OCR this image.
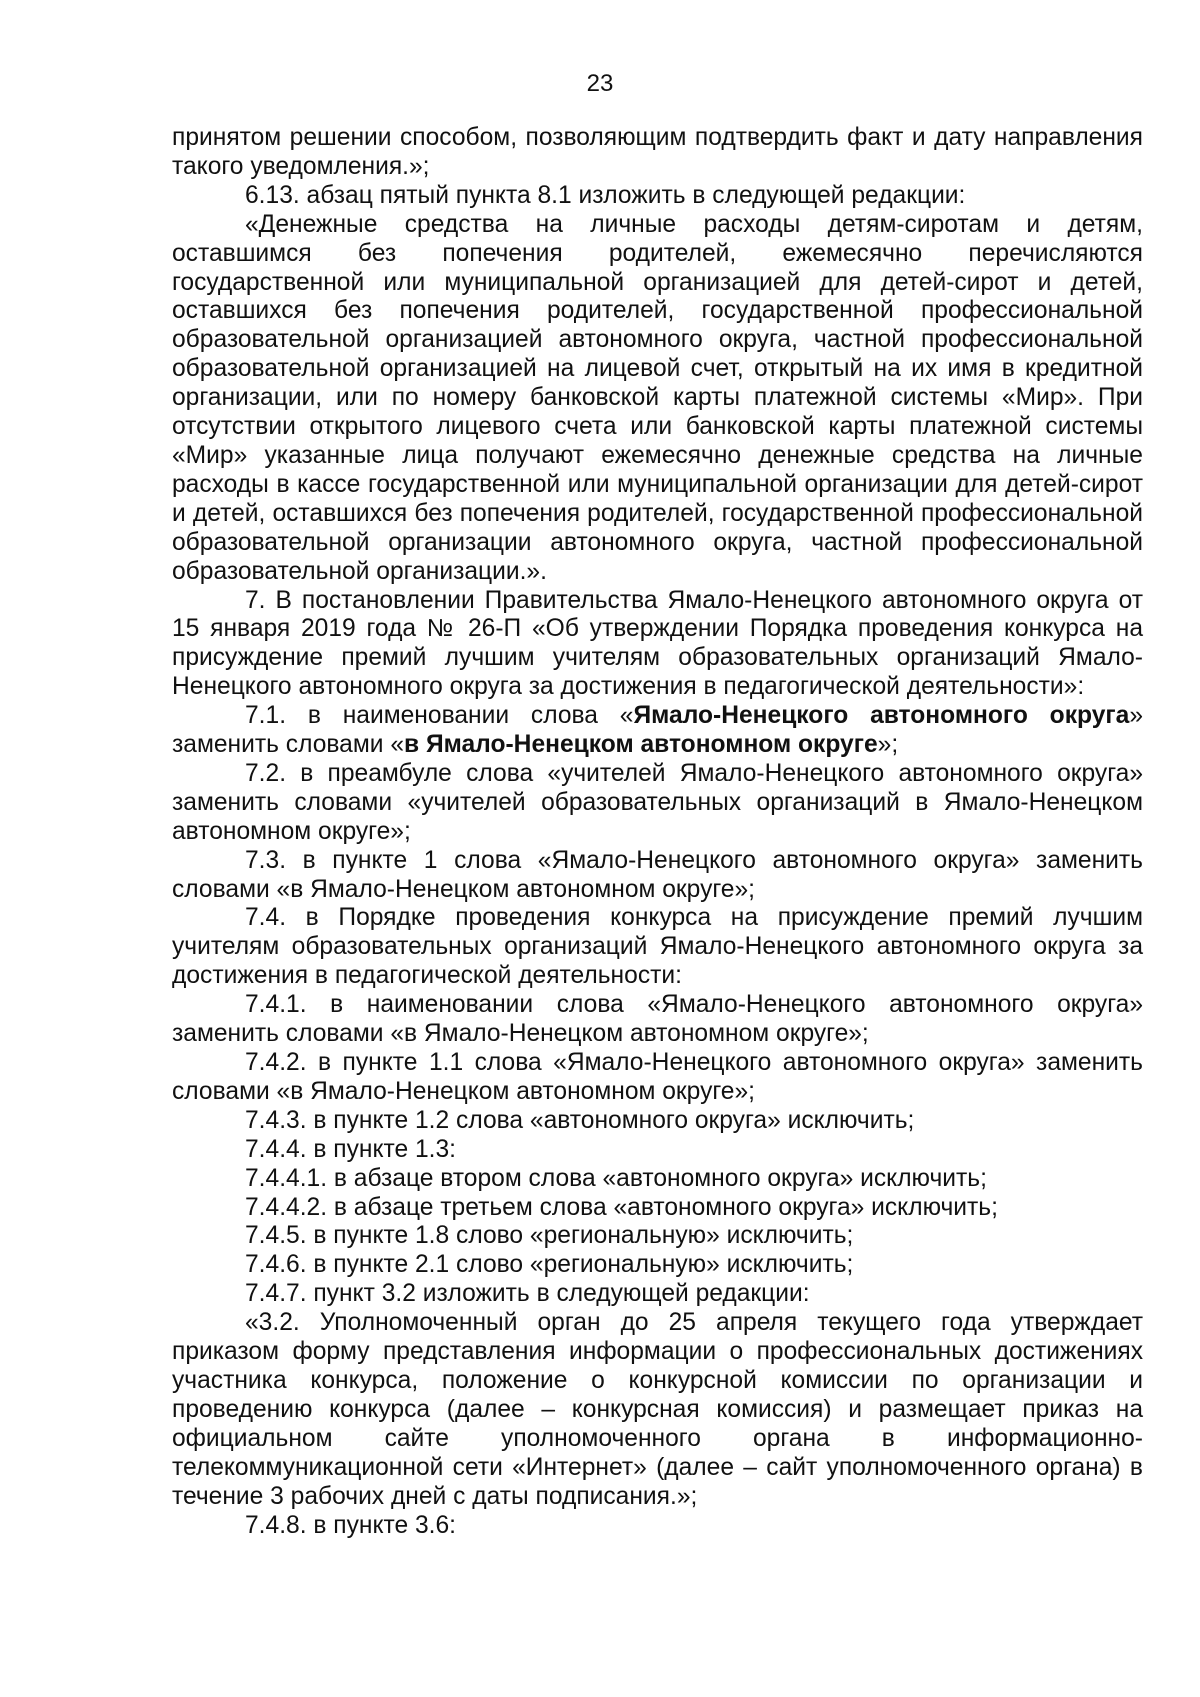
23

принятом решении способом, позволяющим подтвердить факт и дату направления такого уведомления.»;

6.13. абзац пятый пункта 8.1 изложить в следующей редакции:

«Денежные средства на личные расходы детям-сиротам и детям, оставшимся без попечения родителей, ежемесячно перечисляются государственной или муниципальной организацией для детей-сирот и детей, оставшихся без попечения родителей, государственной профессиональной образовательной организацией автономного округа, частной профессиональной образовательной организацией на лицевой счет, открытый на их имя в кредитной организации, или по номеру банковской карты платежной системы «Мир». При отсутствии открытого лицевого счета или банковской карты платежной системы «Мир» указанные лица получают ежемесячно денежные средства на личные расходы в кассе государственной или муниципальной организации для детей-сирот и детей, оставшихся без попечения родителей, государственной профессиональной образовательной организации автономного округа, частной профессиональной образовательной организации.».

7. В постановлении Правительства Ямало-Ненецкого автономного округа от 15 января 2019 года № 26-П «Об утверждении Порядка проведения конкурса на присуждение премий лучшим учителям образовательных организаций Ямало-Ненецкого автономного округа за достижения в педагогической деятельности»:

7.1. в наименовании слова «Ямало-Ненецкого автономного округа» заменить словами «в Ямало-Ненецком автономном округе»;

7.2. в преамбуле слова «учителей Ямало-Ненецкого автономного округа» заменить словами «учителей образовательных организаций в Ямало-Ненецком автономном округе»;

7.3. в пункте 1 слова «Ямало-Ненецкого автономного округа» заменить словами «в Ямало-Ненецком автономном округе»;

7.4. в Порядке проведения конкурса на присуждение премий лучшим учителям образовательных организаций Ямало-Ненецкого автономного округа за достижения в педагогической деятельности:

7.4.1. в наименовании слова «Ямало-Ненецкого автономного округа» заменить словами «в Ямало-Ненецком автономном округе»;

7.4.2. в пункте 1.1 слова «Ямало-Ненецкого автономного округа» заменить словами «в Ямало-Ненецком автономном округе»;

7.4.3. в пункте 1.2 слова «автономного округа» исключить;

7.4.4. в пункте 1.3:

7.4.4.1. в абзаце втором слова «автономного округа» исключить;

7.4.4.2. в абзаце третьем слова «автономного округа» исключить;

7.4.5. в пункте 1.8 слово «региональную» исключить;

7.4.6. в пункте 2.1 слово «региональную» исключить;

7.4.7. пункт 3.2 изложить в следующей редакции:

«3.2. Уполномоченный орган до 25 апреля текущего года утверждает приказом форму представления информации о профессиональных достижениях участника конкурса, положение о конкурсной комиссии по организации и проведению конкурса (далее – конкурсная комиссия) и размещает приказ на официальном сайте уполномоченного органа в информационно-телекоммуникационной сети «Интернет» (далее – сайт уполномоченного органа) в течение 3 рабочих дней с даты подписания.»;

7.4.8. в пункте 3.6:
